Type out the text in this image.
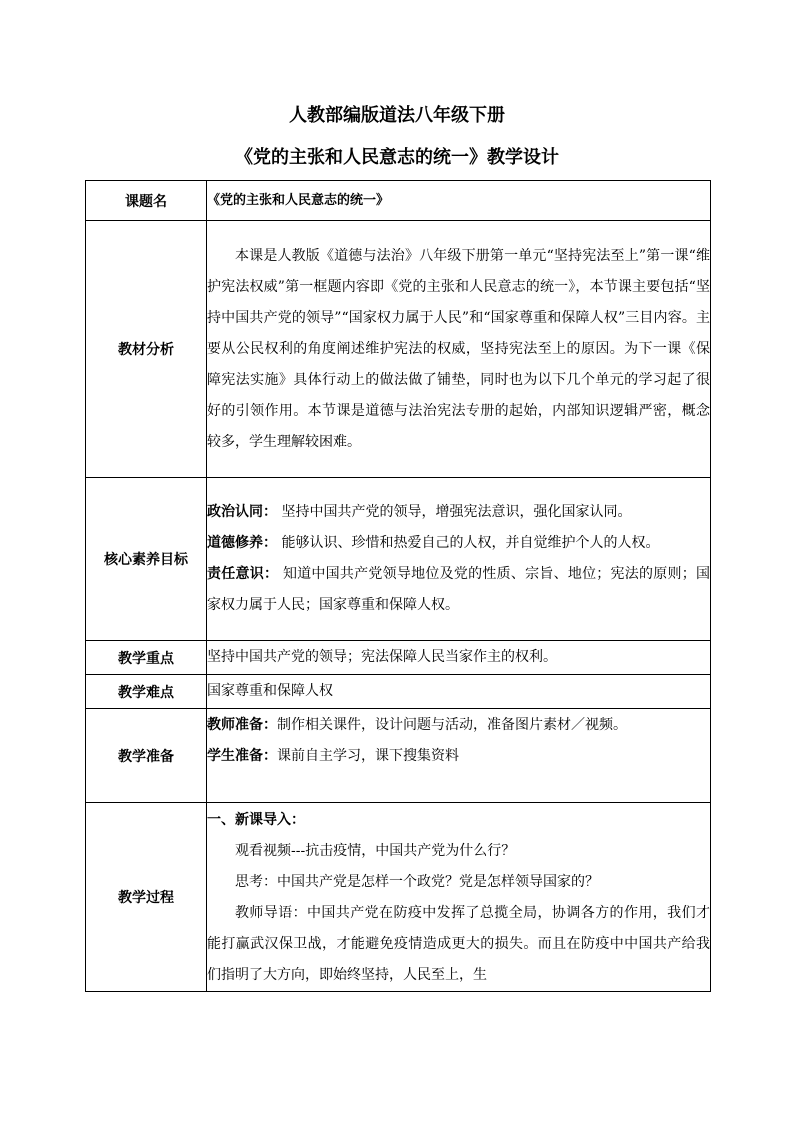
人教部编版道法八年级下册
《党的主张和人民意志的统一》教学设计
课题名	《党的主张和人民意志的统一》
教材分析	本课是人教版《道德与法治》八年级下册第一单元“坚持宪法至上”第一课“维护宪法权威”第一框题内容即《党的主张和人民意志的统一》，本节课主要包括“坚持中国共产党的领导”“国家权力属于人民”和“国家尊重和保障人权”三目内容。主要从公民权利的角度阐述维护宪法的权威，坚持宪法至上的原因。为下一课《保障宪法实施》具体行动上的做法做了铺垫，同时也为以下几个单元的学习起了很好的引领作用。本节课是道德与法治宪法专册的起始，内部知识逻辑严密，概念较多，学生理解较困难。

核心素养目标	政治认同： 坚持中国共产党的领导，增强宪法意识，强化国家认同。

道德修养： 能够认识、珍惜和热爱自己的人权，并自觉维护个人的人权。

责任意识： 知道中国共产党领导地位及党的性质、宗旨、地位；宪法的原则；国家权力属于人民；国家尊重和保障人权。

教学重点	坚持中国共产党的领导；宪法保障人民当家作主的权利。
教学难点	国家尊重和保障人权
教学准备	教师准备：制作相关课件，设计问题与活动，准备图片素材／视频。

学生准备：课前自主学习，课下搜集资料

教学过程	一、新课导入：

观看视频---抗击疫情，中国共产党为什么行？

思考：中国共产党是怎样一个政党？党是怎样领导国家的？

教师导语：中国共产党在防疫中发挥了总揽全局，协调各方的作用，我们才能打赢武汉保卫战，才能避免疫情造成更大的损失。而且在防疫中中国共产给我们指明了大方向，即始终坚持，人民至上，生
